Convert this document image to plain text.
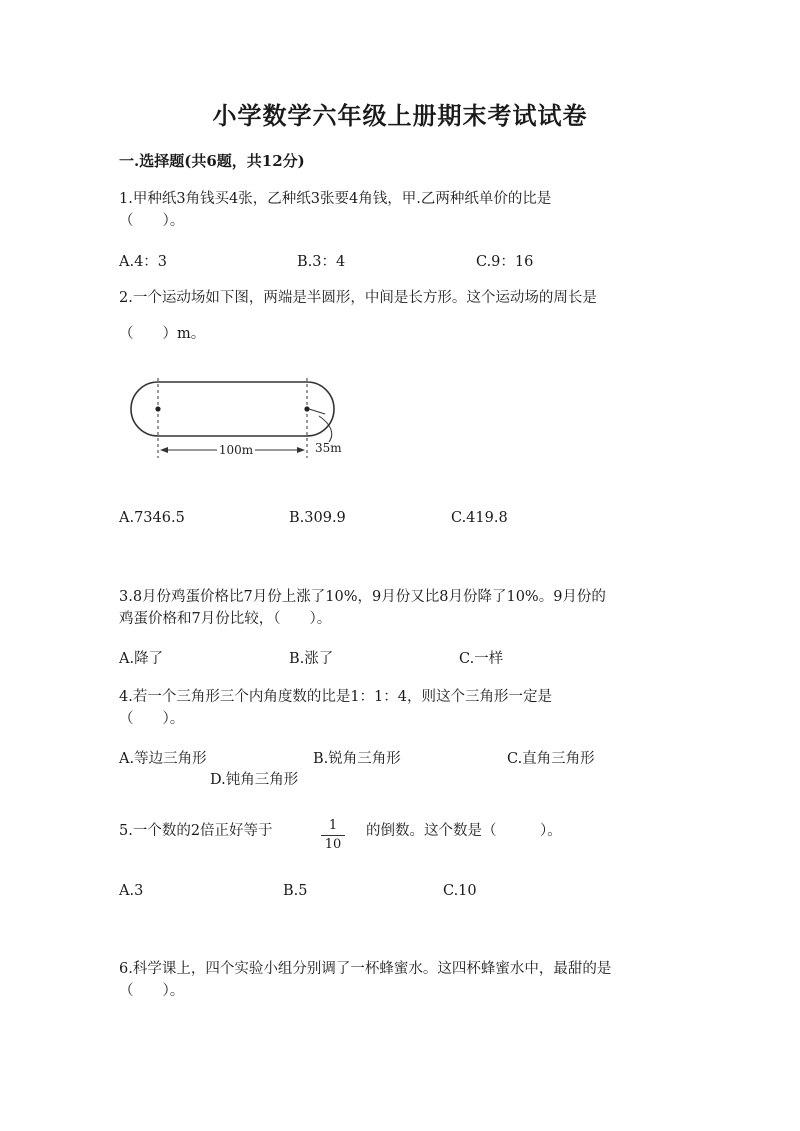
小学数学六年级上册期末考试试卷
一.选择题(共6题，共12分)
1.甲种纸3角钱买4张，乙种纸3张要4角钱，甲.乙两种纸单价的比是
（　　）。
A.4：3	B.3：4	C.9：16
2.一个运动场如下图，两端是半圆形，中间是长方形。这个运动场的周长是
（　　）m。
100m	35m
A.7346.5	B.309.9	C.419.8
3.8月份鸡蛋价格比7月份上涨了10%，9月份又比8月份降了10%。9月份的
鸡蛋价格和7月份比较，（　　）。
A.降了	B.涨了	C.一样
4.若一个三角形三个内角度数的比是1：1：4，则这个三角形一定是
（　　）。
A.等边三角形	B.锐角三角形	C.直角三角形
D.钝角三角形
5.一个数的2倍正好等于	1
10
的倒数。这个数是（　　　）。
A.3	B.5	C.10
6.科学课上，四个实验小组分别调了一杯蜂蜜水。这四杯蜂蜜水中，最甜的是
（　　）。
